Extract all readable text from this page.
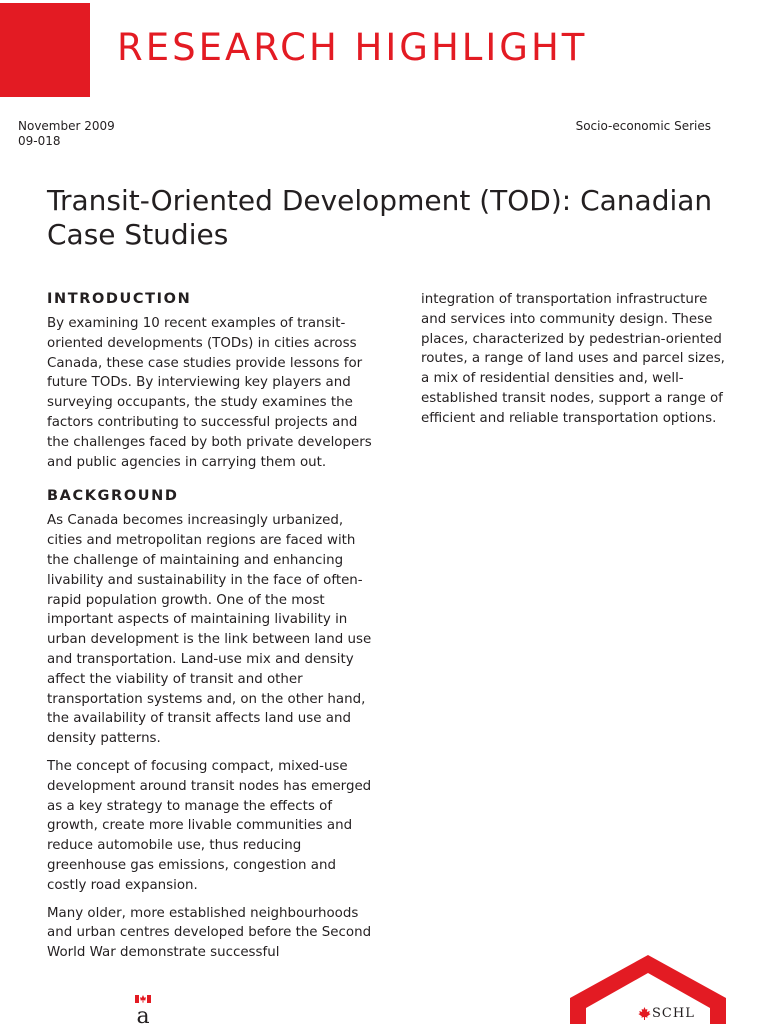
RESEARCH HIGHLIGHT
November 2009
09-018
Socio-economic Series
Transit-Oriented Development (TOD): Canadian Case Studies
INTRODUCTION

By examining 10 recent examples of transit-oriented developments (TODs) in cities across Canada, these case studies provide lessons for future TODs. By interviewing key players and surveying occupants, the study examines the factors contributing to successful projects and the challenges faced by both private developers and public agencies in carrying them out.

BACKGROUND

As Canada becomes increasingly urbanized, cities and metropolitan regions are faced with the challenge of maintaining and enhancing livability and sustainability in the face of often-rapid population growth. One of the most important aspects of maintaining livability in urban development is the link between land use and transportation. Land-use mix and density affect the viability of transit and other transportation systems and, on the other hand, the availability of transit affects land use and density patterns.

The concept of focusing compact, mixed-use development around transit nodes has emerged as a key strategy to manage the effects of growth, create more livable communities and reduce automobile use, thus reducing greenhouse gas emissions, congestion and costly road expansion.

Many older, more established neighbourhoods and urban centres developed before the Second World War demonstrate successful

integration of transportation infrastructure and services into community design. These places, characterized by pedestrian-oriented routes, a range of land uses and parcel sizes, a mix of residential densities and, well-established transit nodes, support a range of efficient and reliable transportation options.

a	SCHL
